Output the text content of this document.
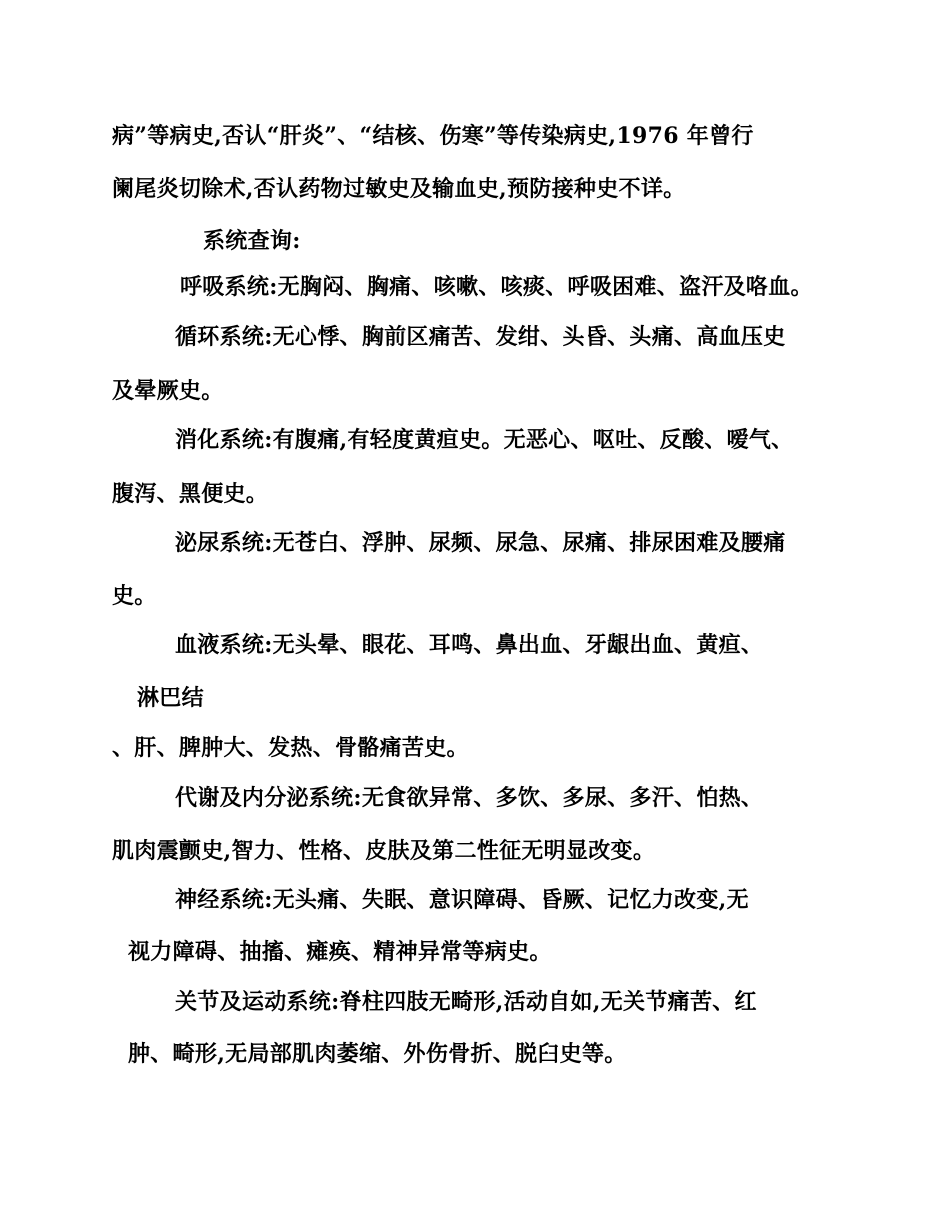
病”等病史,否认“肝炎”、“结核、伤寒”等传染病史,1976 年曾行
阑尾炎切除术,否认药物过敏史及输血史,预防接种史不详。
系统查询:
呼吸系统:无胸闷、胸痛、咳嗽、咳痰、呼吸困难、盗汗及咯血。
循环系统:无心悸、胸前区痛苦、发绀、头昏、头痛、高血压史
及晕厥史。
消化系统:有腹痛,有轻度黄疸史。无恶心、呕吐、反酸、嗳气、
腹泻、黑便史。
泌尿系统:无苍白、浮肿、尿频、尿急、尿痛、排尿困难及腰痛
史。
血液系统:无头晕、眼花、耳鸣、鼻出血、牙龈出血、黄疸、
淋巴结
、肝、脾肿大、发热、骨骼痛苦史。
代谢及内分泌系统:无食欲异常、多饮、多尿、多汗、怕热、
肌肉震颤史,智力、性格、皮肤及第二性征无明显改变。
神经系统:无头痛、失眠、意识障碍、昏厥、记忆力改变,无
视力障碍、抽搐、瘫痪、精神异常等病史。
关节及运动系统:脊柱四肢无畸形,活动自如,无关节痛苦、红
肿、畸形,无局部肌肉萎缩、外伤骨折、脱臼史等。
